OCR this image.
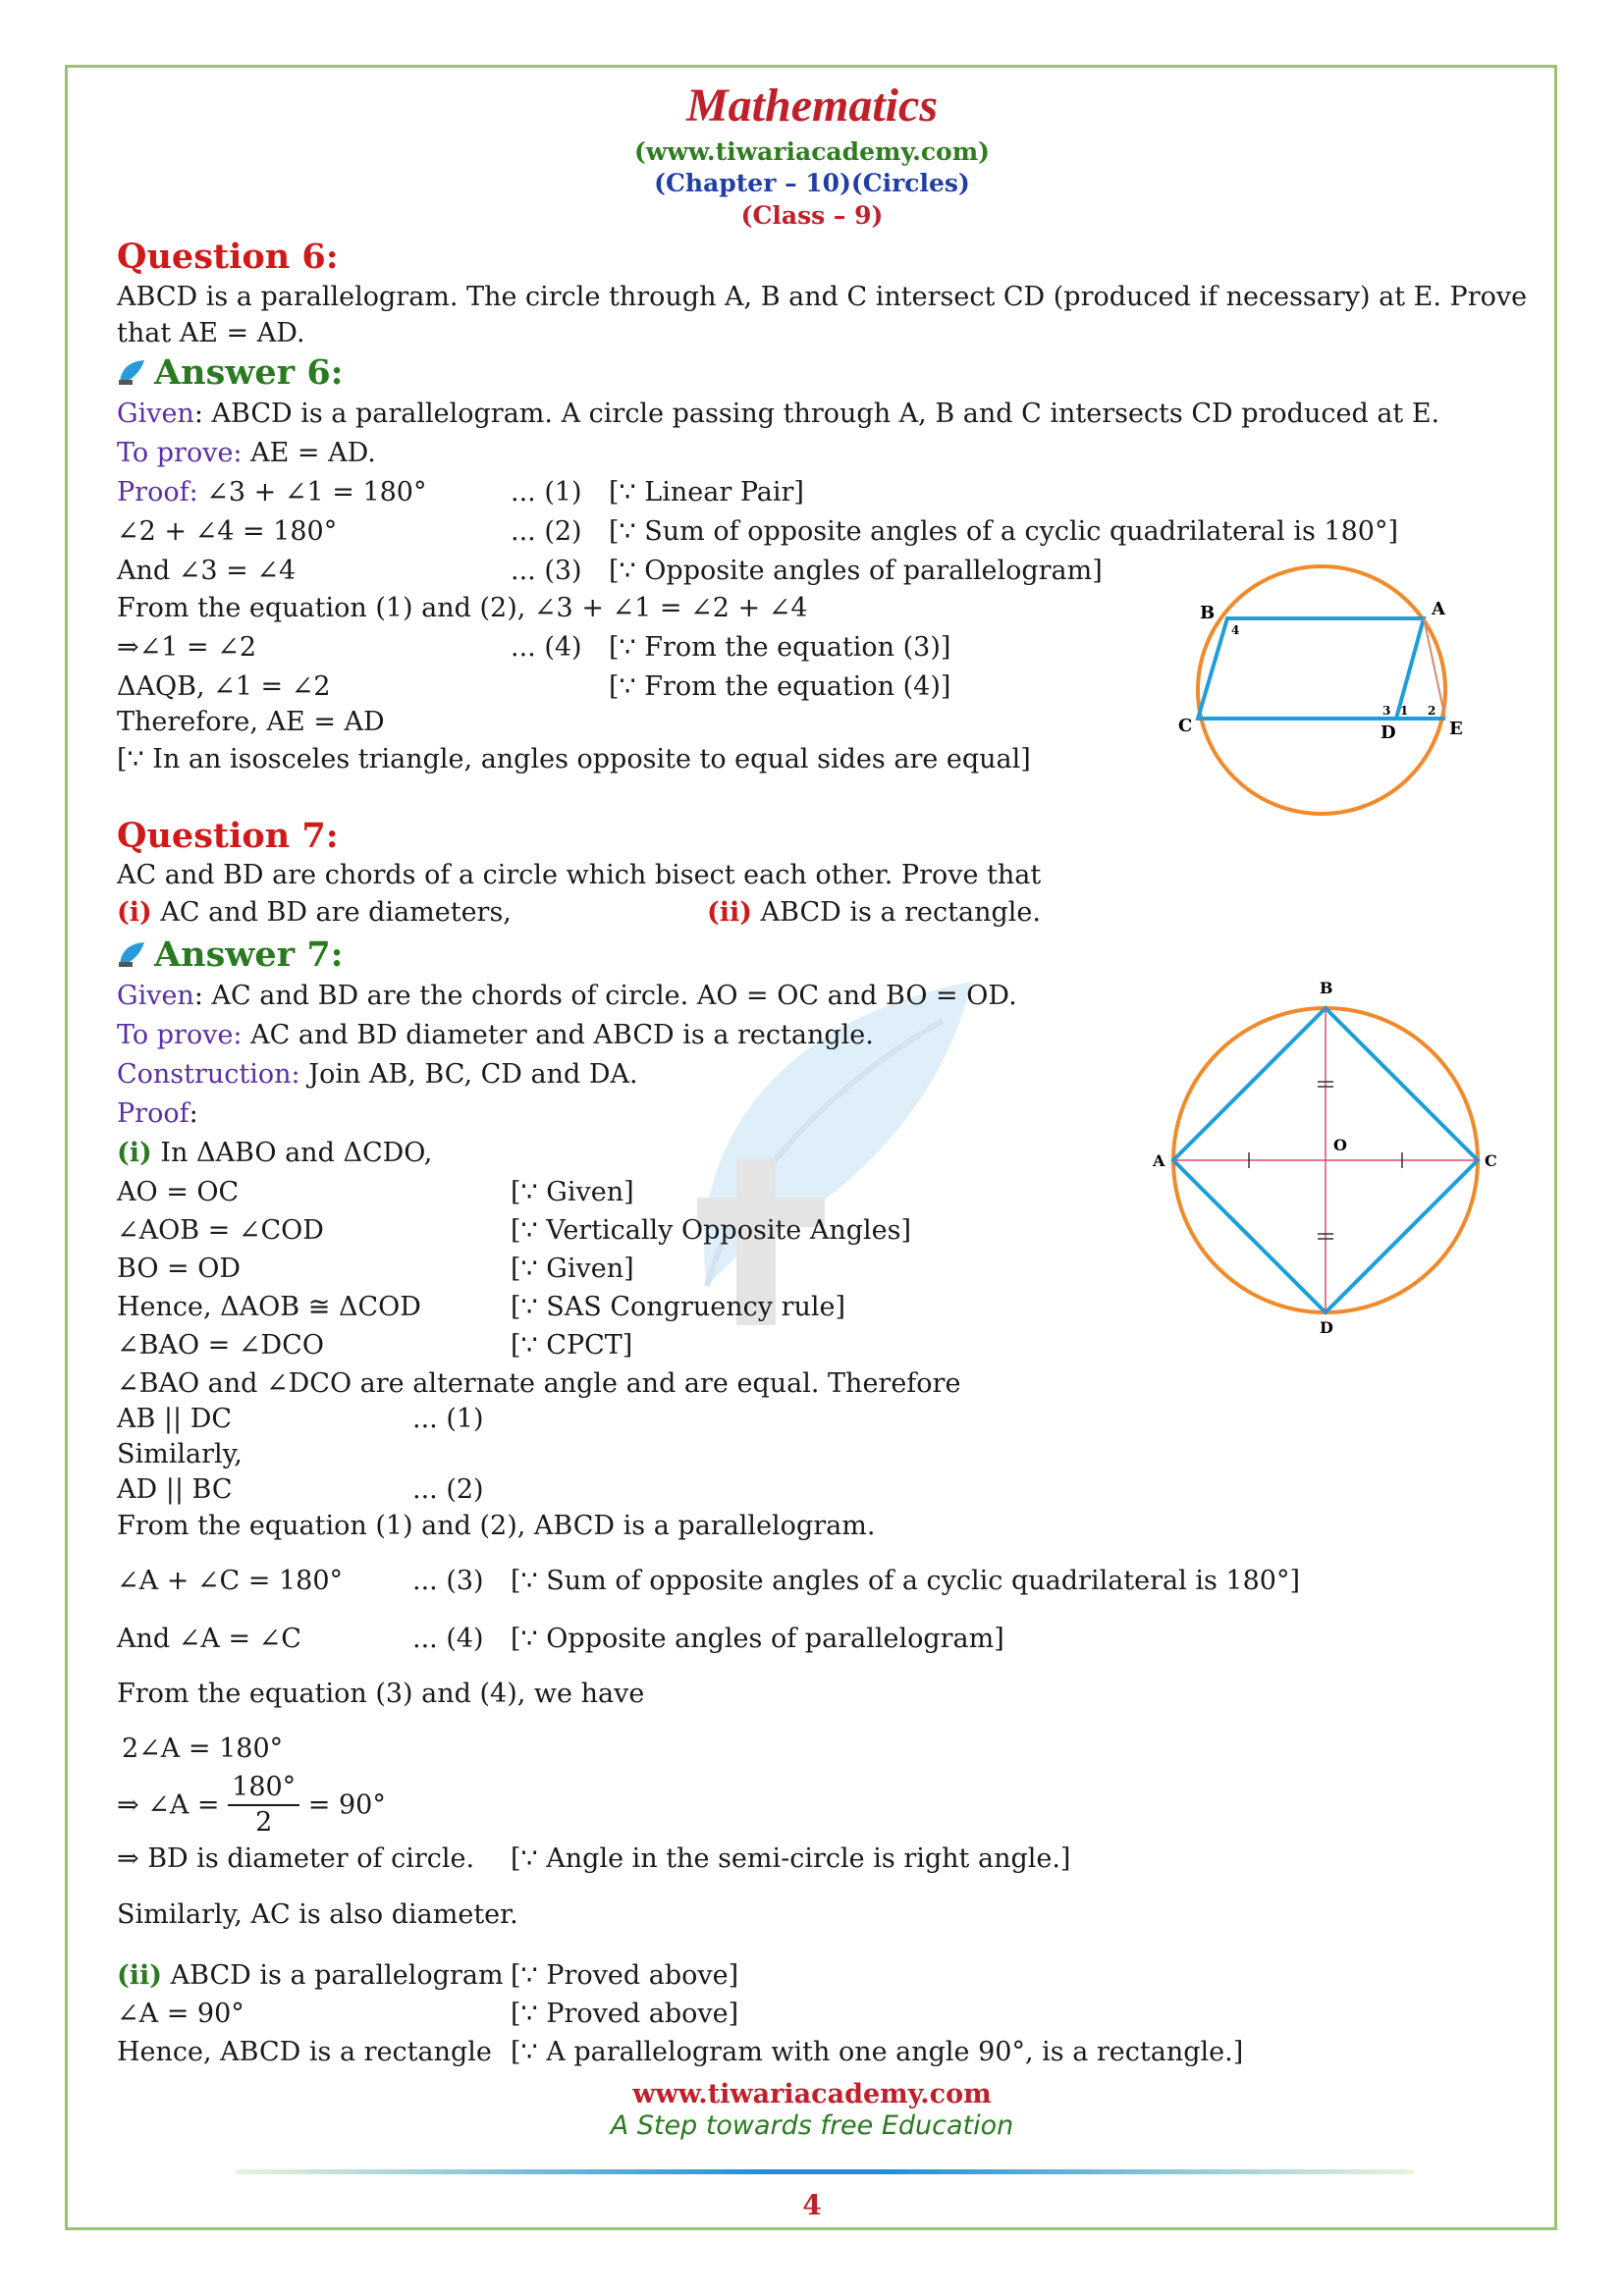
Mathematics
(www.tiwariacademy.com)
(Chapter – 10)(Circles)
(Class – 9)
Question 6:
ABCD is a parallelogram. The circle through A, B and C intersect CD (produced if necessary) at E. Prove that AE = AD.
Answer 6:
Given: ABCD is a parallelogram. A circle passing through A, B and C intersects CD produced at E.
To prove: AE = AD.
Proof: ∠3 + ∠1 = 180°	... (1) [∵ Linear Pair]
∠2 + ∠4 = 180°	... (2) [∵ Sum of opposite angles of a cyclic quadrilateral is 180°]
And ∠3 = ∠4	... (3) [∵ Opposite angles of parallelogram]
From the equation (1) and (2), ∠3 + ∠1 = ∠2 + ∠4
⇒∠1 = ∠2	... (4) [∵ From the equation (3)]
ΔAQB, ∠1 = ∠2	[∵ From the equation (4)]
Therefore, AE = AD
[∵ In an isosceles triangle, angles opposite to equal sides are equal]
B	A
C	D	E
4
3 1 2
Question 7:
AC and BD are chords of a circle which bisect each other. Prove that
(i) AC and BD are diameters,	(ii) ABCD is a rectangle.
Answer 7:
Given: AC and BD are the chords of circle. AO = OC and BO = OD.
To prove: AC and BD diameter and ABCD is a rectangle.
Construction: Join AB, BC, CD and DA.
Proof:
(i) In ΔABO and ΔCDO,
AO = OC	[∵ Given]
∠AOB = ∠COD	[∵ Vertically Opposite Angles]
BO = OD	[∵ Given]
Hence, ΔAOB ≅ ΔCOD	[∵ SAS Congruency rule]
∠BAO = ∠DCO	[∵ CPCT]
∠BAO and ∠DCO are alternate angle and are equal. Therefore
AB || DC	... (1)
Similarly,
AD || BC	... (2)
From the equation (1) and (2), ABCD is a parallelogram.
∠A + ∠C = 180°	... (3) [∵ Sum of opposite angles of a cyclic quadrilateral is 180°]
And ∠A = ∠C	... (4) [∵ Opposite angles of parallelogram]
From the equation (3) and (4), we have
2∠A = 180°
⇒ ∠A = $\frac{180^\circ}{2} = 90^\circ$
⇒ BD is diameter of circle. [∵ Angle in the semi-circle is right angle.]
Similarly, AC is also diameter.
(ii) ABCD is a parallelogram [∵ Proved above]
∠A = 90°	[∵ Proved above]
Hence, ABCD is a rectangle [∵ A parallelogram with one angle 90°, is a rectangle.]
B
A	C
D
O
www.tiwariacademy.com
A Step towards free Education
4
